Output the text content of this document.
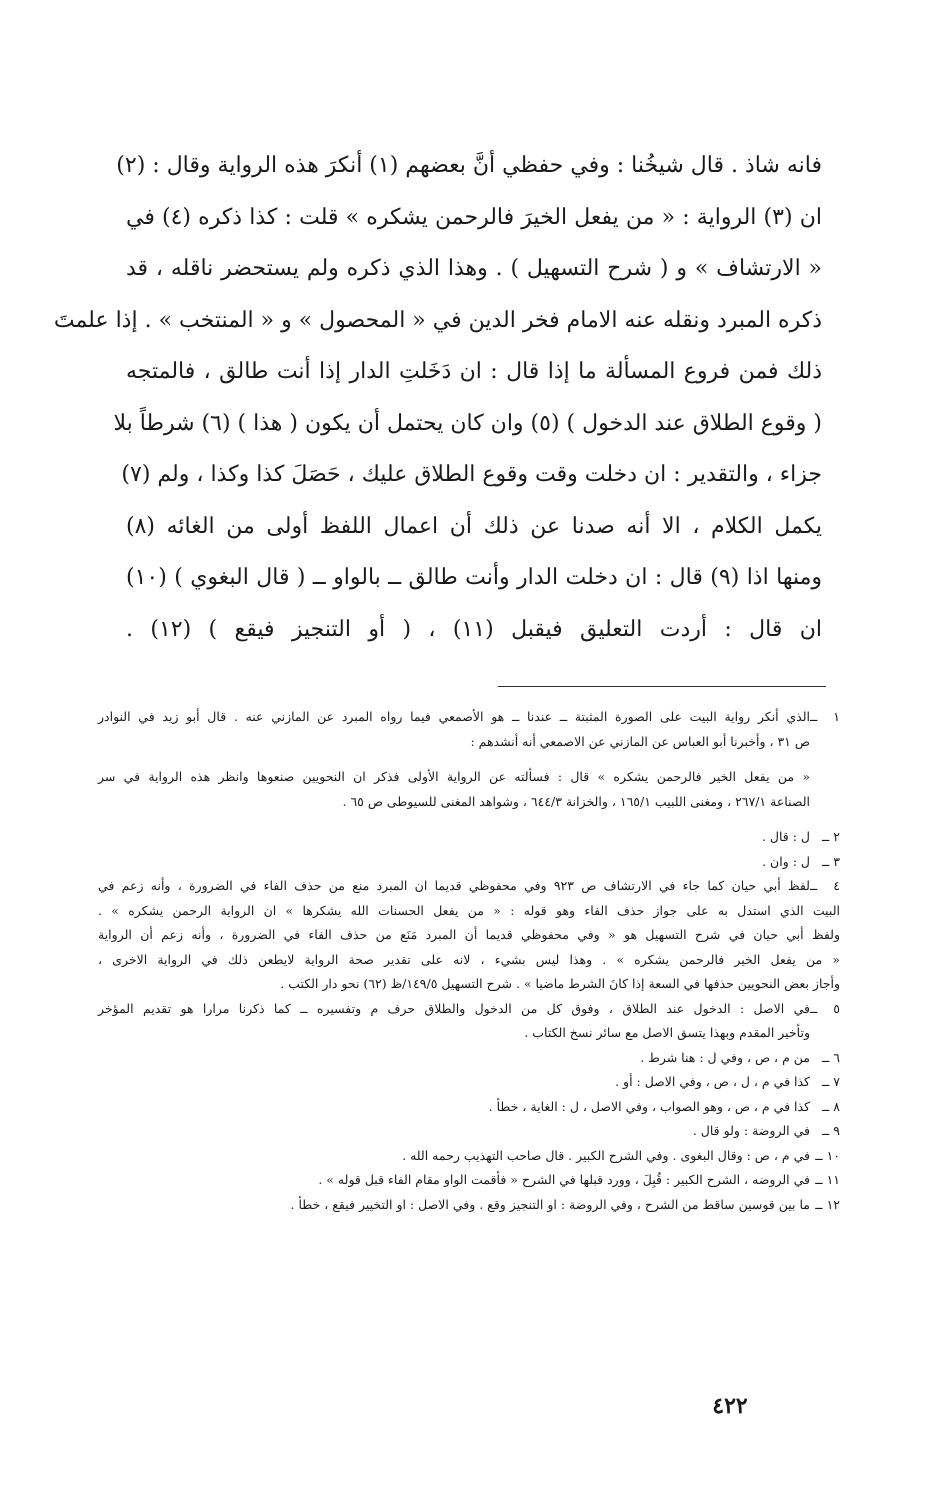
فانه شاذ . قال شيخُنا : وفي حفظي أنَّ بعضهم (١) أنكرَ هذه الرواية وقال : (٢)
ان (٣) الرواية : « من يفعل الخيرَ فالرحمن يشكره » قلت : كذا ذكره (٤) في
« الارتشاف » و ( شرح التسهيل ) . وهذا الذي ذكره ولم يستحضر ناقله ، قد
ذكره المبرد ونقله عنه الامام فخر الدين في « المحصول » و « المنتخب » . إذا علمتَ
ذلك فمن فروع المسألة ما إذا قال : ان دَخَلتِ الدار إذا أنت طالق ، فالمتجه
( وقوع الطلاق عند الدخول ) (٥) وان كان يحتمل أن يكون ( هذا ) (٦) شرطاً بلا
جزاء ، والتقدير : ان دخلت وقت وقوع الطلاق عليك ، حَصَلَ كذا وكذا ، ولم (٧)
يكمل الكلام ، الا أنه صدنا عن ذلك أن اعمال اللفظ أولى من الغائه (٨)
ومنها اذا (٩) قال : ان دخلت الدار وأنت طالق ــ بالواو ــ ( قال البغوي ) (١٠)
ان قال : أردت التعليق فيقبل (١١) ، ( أو التنجيز فيقع ) (١٢) .
١ ــالذي أنكر رواية البيت على الصورة المثبتة ــ عندنا ــ هو الأصمعي فيما رواه المبرد عن المازني عنه . قال أبو زيد في النوادر
ص ٣١ ، وأخبرنا أبو العباس عن المازني عن الاصمعي أنه أنشدهم :
« من يفعل الخير فالرحمن يشكره » قال : فسألته عن الرواية الأولى فذكر ان النحويين صنعوها وانظر هذه الرواية في سر
الصناعة ٢٦٧/١ ، ومغنى اللبيب ١٦٥/١ ، والخزانة ٦٤٤/٣ ، وشواهد المغنى للسيوطى ص ٦٥ .
٢ ــل : قال .
٣ ــل : وان .
٤ ــلفظ أبي حيان كما جاء في الارتشاف ص ٩٢٣ وفي محفوظي قديما ان المبرد منع من حذف الفاء في الضرورة ، وأنه زعم في
البيت الذي استدل به على جواز حذف الفاء وهو قوله : « من يفعل الحسنات الله يشكرها » ان الرواية الرحمن يشكره » .
ولفظ أبي حيان في شرح التسهيل هو « وفي محفوظي قديما أن المبرد مَنَع من حذف الفاء في الضرورة ، وأنه زعم أن الرواية
« من يفعل الخير فالرحمن يشكره » . وهذا ليس بشيء ، لانه على تقدير صحة الرواية لايطعن ذلك في الرواية الاخرى ،
وأجاز بعض النحويين حذفها في السعة إذا كانَ الشرط ماضيا » . شرح التسهيل ١٤٩/٥/ظ (٦٢) نحو دار الكتب .
٥ ــفي الاصل : الدخول عند الطلاق ، وفوق كل من الدخول والطلاق حرف م وتفسيره ــ كما ذكرنا مرارا هو تقديم المؤخر
وتأخير المقدم وبهذا يتسق الاصل مع سائر نسخ الكتاب .
٦ ــمن م ، ص ، وفي ل : هنا شرط .
٧ ــكذا في م ، ل ، ص ، وفي الاصل : أو .
٨ ــكذا في م ، ص ، وهو الصواب ، وفي الاصل ، ل : الغاية ، خطأ .
٩ ــفي الروضة : ولو قال .
١٠ ــفي م ، ص : وقال البغوى . وفي الشرح الكبير . قال صاحب التهذيب رحمه الله .
١١ ــفي الروضه ، الشرح الكبير : قُبِلَ ، وورد قبلها في الشرح « فأقمت الواو مقام الفاء قبل قوله » .
١٢ ــما بين قوسين ساقط من الشرح ، وفي الروضة : او التنجيز وقع . وفي الاصل : او التخيير فيقع ، خطأ .
٤٢٢
